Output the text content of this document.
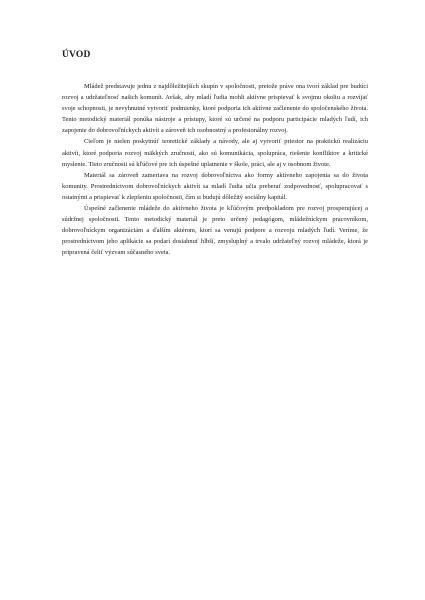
ÚVOD

Mládež predstavuje jednu z najdôležitejších skupín v spoločnosti, pretože práve ona tvorí základ pre budúci rozvoj a udržateľnosť našich komunít. Avšak, aby mladí ľudia mohli aktívne prispievať k svojmu okoliu a rozvíjať svoje schopnosti, je nevyhnutné vytvoriť podmienky, ktoré podporia ich aktívne začlenenie do spoločenského života. Tento metodický materiál ponúka nástroje a prístupy, ktoré sú určené na podporu participácie mladých ľudí, ich zapojenie do dobrovoľníckych aktivít a zároveň ich osobnostný a profesionálny rozvoj.

Cieľom je nielen poskytnúť teoretické základy a návody, ale aj vytvoriť priestor na praktickú realizáciu aktivít, ktoré podporia rozvoj mäkkých zručností, ako sú komunikácia, spolupráca, riešenie konfliktov a kritické myslenie. Tieto zručnosti sú kľúčové pre ich úspešné uplatnenie v škole, práci, ale aj v osobnom živote.

Materiál sa zároveň zameriava na rozvoj dobrovoľníctva ako formy aktívneho zapojenia sa do života komunity. Prostredníctvom dobrovoľníckych aktivít sa mladí ľudia učia preberať zodpovednosť, spolupracovať s ostatnými a prispievať k zlepšeniu spoločnosti, čím si budujú dôležitý sociálny kapitál.

Úspešné začlenenie mládeže do aktívneho života je kľúčovým predpokladom pre rozvoj prosperujúcej a súdržnej spoločnosti. Tento metodický materiál je preto určený pedagógom, mládežníckym pracovníkom, dobrovoľníckym organizáciám a ďalším aktérom, ktorí sa venujú podpore a rozvoju mladých ľudí. Veríme, že prostredníctvom jeho aplikácie sa podarí dosiahnuť hlbší, zmysluplný a trvalo udržateľný rozvoj mládeže, ktorá je pripravená čeliť výzvam súčasného sveta.
